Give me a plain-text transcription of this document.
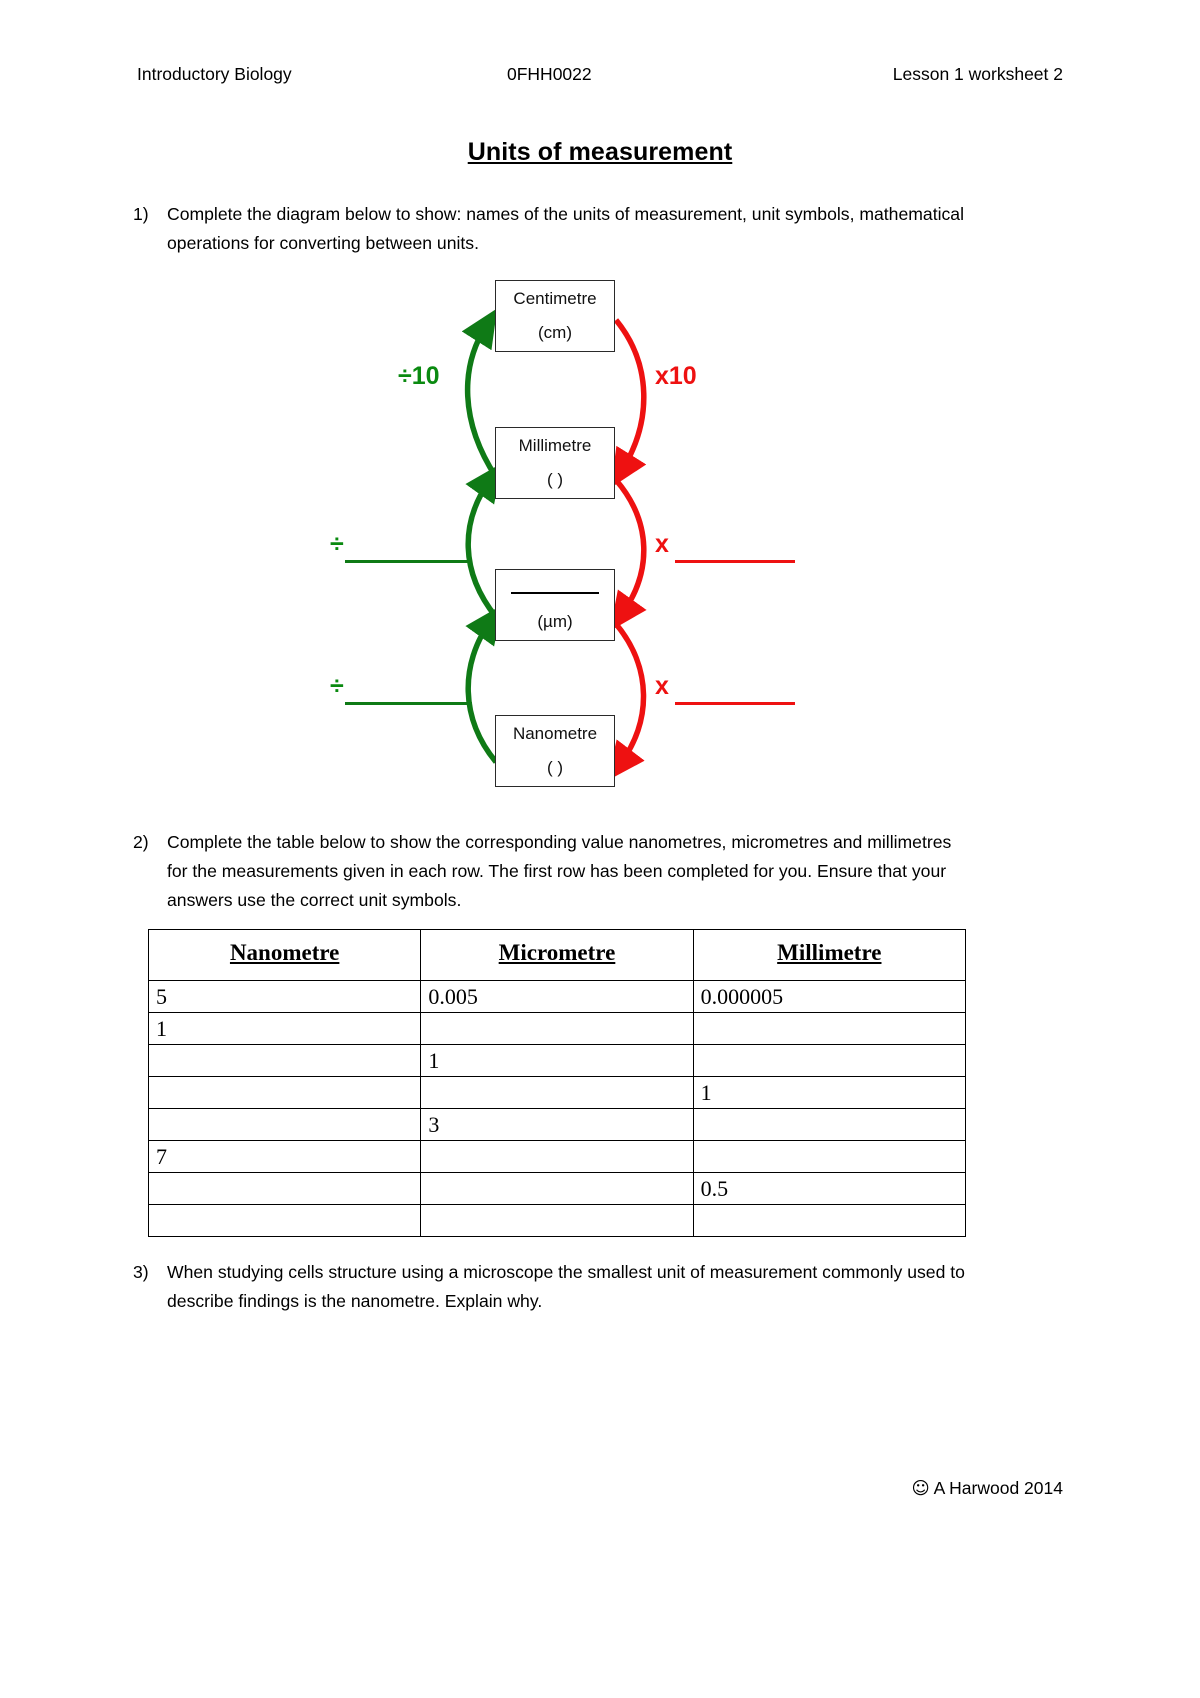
Introductory Biology	0FHH0022	Lesson 1 worksheet 2
Units of measurement
1)	Complete the diagram below to show: names of the units of measurement, unit symbols, mathematical operations for converting between units.
Centimetre
(cm)
Millimetre
( )
(µm)
Nanometre
( )
÷10
÷
÷
x10
x
x
2)	Complete the table below to show the corresponding value nanometres, micrometres and millimetres for the measurements given in each row. The first row has been completed for you. Ensure that your answers use the correct unit symbols.
Nanometre	Micrometre	Millimetre
5	0.005	0.000005
1		
	1	
		1
	3	
7		
		0.5

3)	When studying cells structure using a microscope the smallest unit of measurement commonly used to describe findings is the nanometre. Explain why.
☺ A Harwood 2014
